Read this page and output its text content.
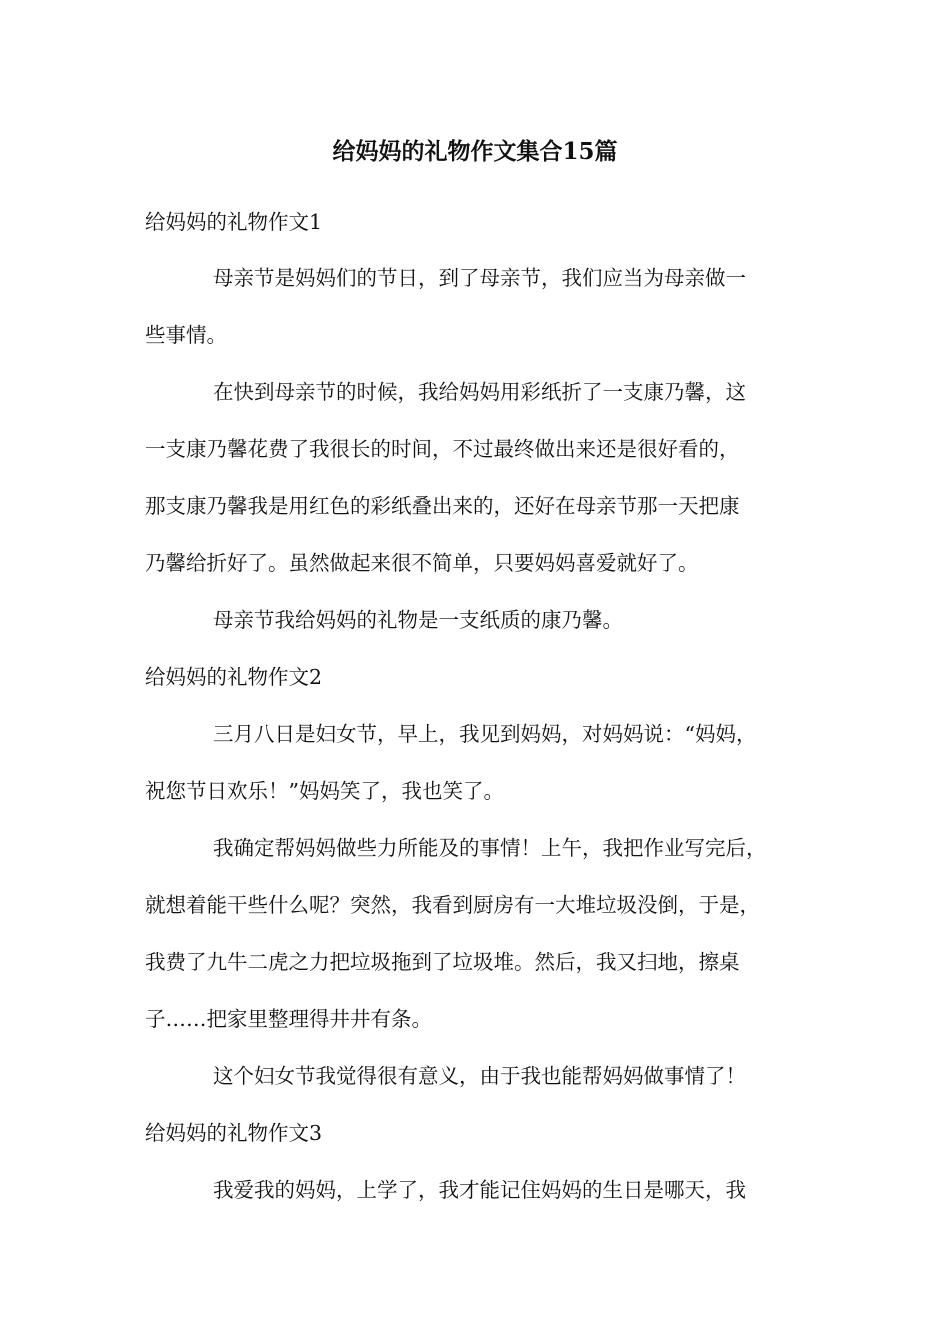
给妈妈的礼物作文集合15篇
给妈妈的礼物作文1
母亲节是妈妈们的节日，到了母亲节，我们应当为母亲做一
些事情。
在快到母亲节的时候，我给妈妈用彩纸折了一支康乃馨，这
一支康乃馨花费了我很长的时间，不过最终做出来还是很好看的，
那支康乃馨我是用红色的彩纸叠出来的，还好在母亲节那一天把康
乃馨给折好了。虽然做起来很不简单，只要妈妈喜爱就好了。
母亲节我给妈妈的礼物是一支纸质的康乃馨。
给妈妈的礼物作文2
三月八日是妇女节，早上，我见到妈妈，对妈妈说：“妈妈，
祝您节日欢乐！”妈妈笑了，我也笑了。
我确定帮妈妈做些力所能及的事情！上午，我把作业写完后，
就想着能干些什么呢？突然，我看到厨房有一大堆垃圾没倒，于是，
我费了九牛二虎之力把垃圾拖到了垃圾堆。然后，我又扫地，擦桌
子……把家里整理得井井有条。
这个妇女节我觉得很有意义，由于我也能帮妈妈做事情了！
给妈妈的礼物作文3
我爱我的妈妈，上学了，我才能记住妈妈的生日是哪天，我
